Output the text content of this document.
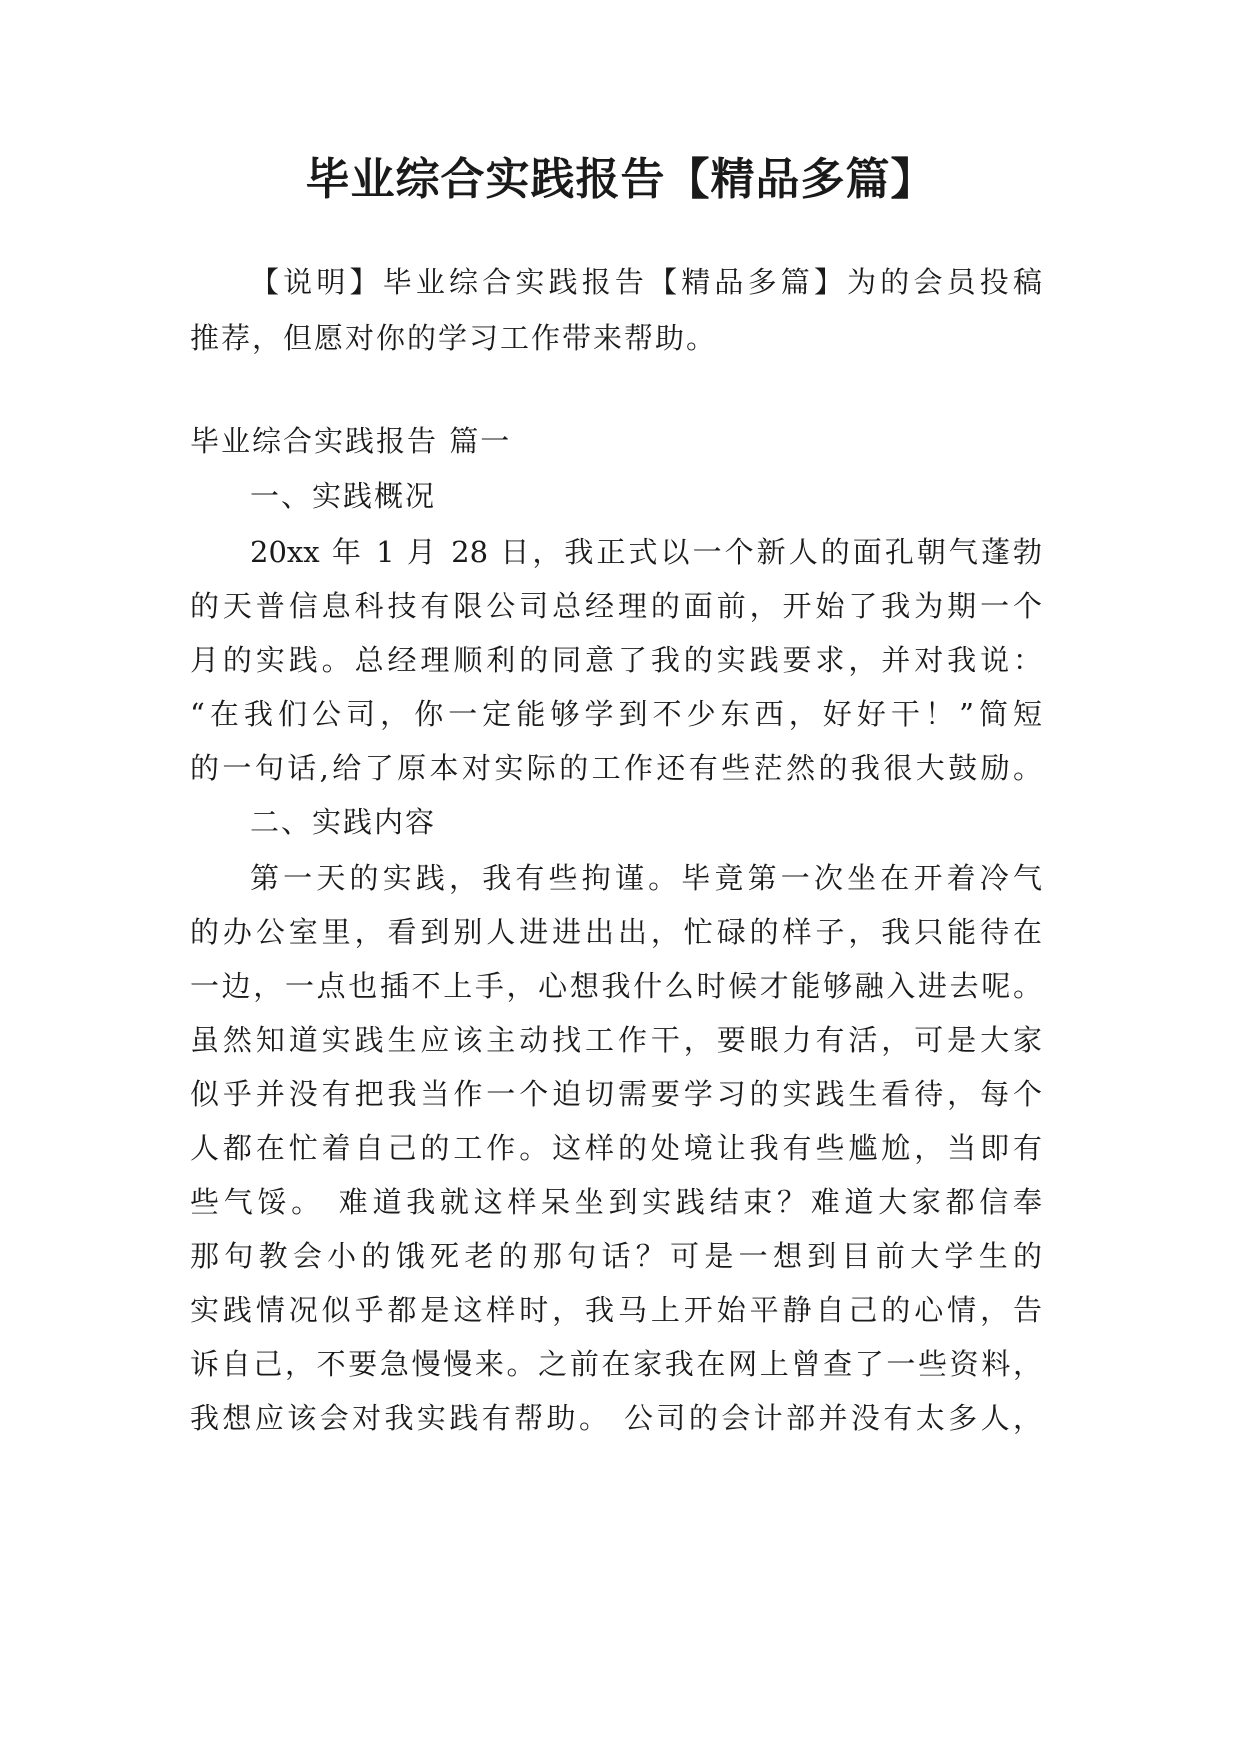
毕业综合实践报告【精品多篇】
【说明】毕业综合实践报告【精品多篇】为的会员投稿
推荐，但愿对你的学习工作带来帮助。
毕业综合实践报告 篇一
一、实践概况
20xx 年 1 月 28 日，我正式以一个新人的面孔朝气蓬勃
的天普信息科技有限公司总经理的面前，开始了我为期一个
月的实践。总经理顺利的同意了我的实践要求，并对我说：
“在我们公司，你一定能够学到不少东西，好好干！”简短
的一句话,给了原本对实际的工作还有些茫然的我很大鼓励。
二、实践内容
第一天的实践，我有些拘谨。毕竟第一次坐在开着冷气
的办公室里，看到别人进进出出，忙碌的样子，我只能待在
一边，一点也插不上手，心想我什么时候才能够融入进去呢。
虽然知道实践生应该主动找工作干，要眼力有活，可是大家
似乎并没有把我当作一个迫切需要学习的实践生看待，每个
人都在忙着自己的工作。这样的处境让我有些尴尬，当即有
些气馁。 难道我就这样呆坐到实践结束？难道大家都信奉
那句教会小的饿死老的那句话？可是一想到目前大学生的
实践情况似乎都是这样时，我马上开始平静自己的心情，告
诉自己，不要急慢慢来。之前在家我在网上曾查了一些资料，
我想应该会对我实践有帮助。 公司的会计部并没有太多人，
